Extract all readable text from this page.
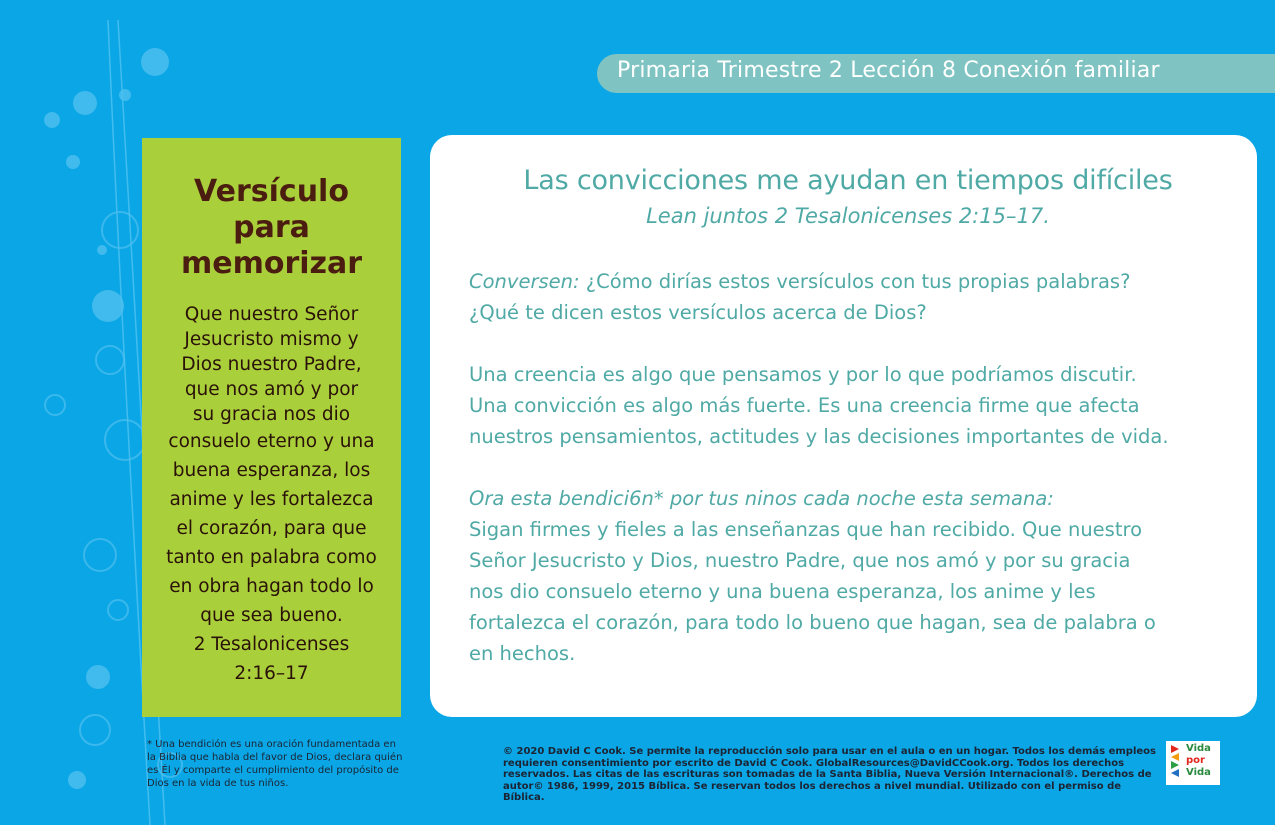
Primaria Trimestre 2 Lección 8 Conexión familiar
Versículo
para
memorizar
Que nuestro Señor
Jesucristo mismo y
Dios nuestro Padre,
que nos amó y por
su gracia nos dio
consuelo eterno y una
buena esperanza, los
anime y les fortalezca
el corazón, para que
tanto en palabra como
en obra hagan todo lo
que sea bueno.
2 Tesalonicenses
2:16–17
Las convicciones me ayudan en tiempos difíciles
Lean juntos 2 Tesalonicenses 2:15–17.
Conversen: ¿Cómo dirías estos versículos con tus propias palabras?
¿Qué te dicen estos versículos acerca de Dios?
Una creencia es algo que pensamos y por lo que podríamos discutir.
Una convicción es algo más fuerte. Es una creencia firme que afecta
nuestros pensamientos, actitudes y las decisiones importantes de vida.
Ora esta bendici6n* por tus ninos cada noche esta semana:
Sigan firmes y fieles a las enseñanzas que han recibido. Que nuestro
Señor Jesucristo y Dios, nuestro Padre, que nos amó y por su gracia
nos dio consuelo eterno y una buena esperanza, los anime y les
fortalezca el corazón, para todo lo bueno que hagan, sea de palabra o
en hechos.
* Una bendición es una oración fundamentada en
la Biblia que habla del favor de Dios, declara quién
es Él y comparte el cumplimiento del propósito de
Dios en la vida de tus niños.
© 2020 David C Cook. Se permite la reproducción solo para usar en el aula o en un hogar. Todos los demás empleos
requieren consentimiento por escrito de David C Cook. GlobalResources@DavidCCook.org. Todos los derechos
reservados. Las citas de las escrituras son tomadas de la Santa Biblia, Nueva Versión Internacional®. Derechos de
autor© 1986, 1999, 2015 Bíblica. Se reservan todos los derechos a nivel mundial. Utilizado con el permiso de Bíblica.
Vida
por
Vida
